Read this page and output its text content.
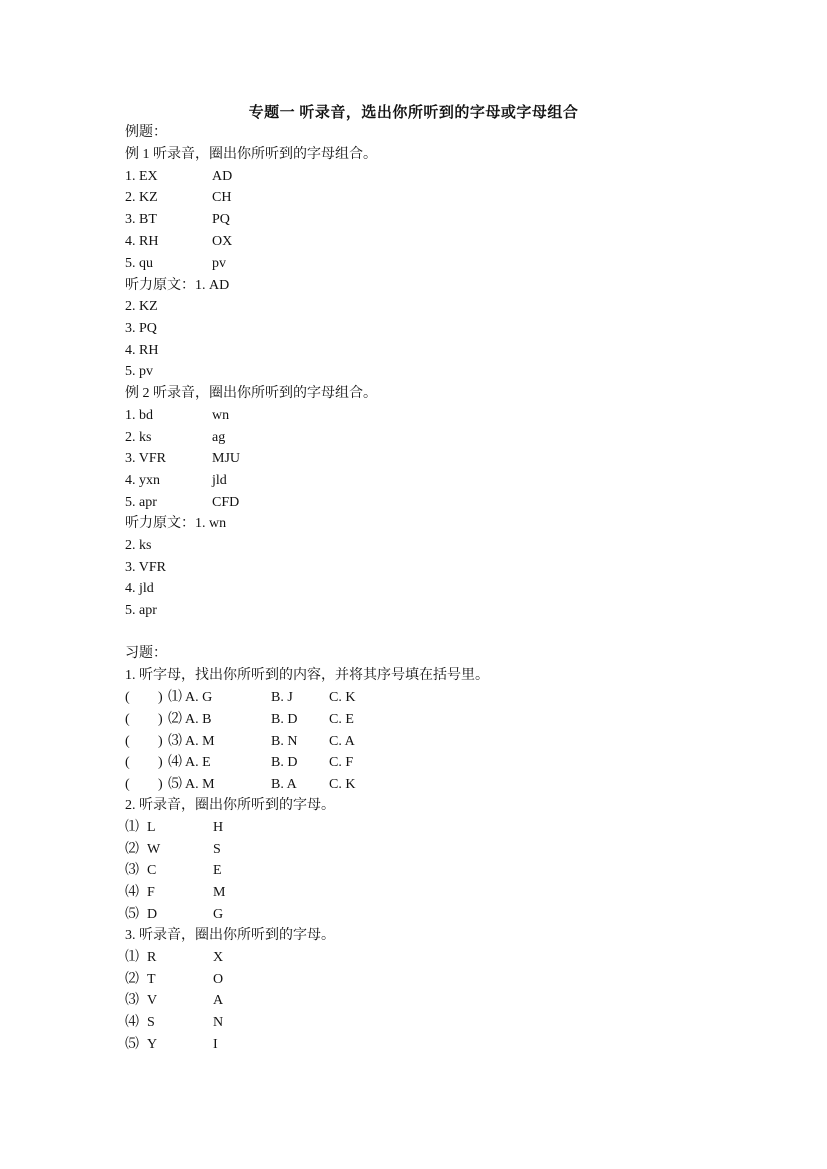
专题一 听录音，选出你所听到的字母或字母组合
例题：
例 1 听录音，圈出你所听到的字母组合。
1. EX	AD
2. KZ	CH
3. BT	PQ
4. RH	OX
5. qu	pv
听力原文：1. AD
2. KZ
3. PQ
4. RH
5. pv
例 2 听录音，圈出你所听到的字母组合。
1. bd	wn
2. ks	ag
3. VFR	MJU
4. yxn	jld
5. apr	CFD
听力原文：1. wn
2. ks
3. VFR
4. jld
5. apr
习题：
1. 听字母，找出你所听到的内容，并将其序号填在括号里。
( ) ⑴ A. G	B. J	C. K
( ) ⑵ A. B	B. D C. E
( ) ⑶ A. M	B. N C. A
( ) ⑷ A. E	B. D C. F
( ) ⑸ A. M	B. A C. K
2. 听录音，圈出你所听到的字母。
⑴ L	H
⑵ W	S
⑶ C	E
⑷ F	M
⑸ D	G
3. 听录音，圈出你所听到的字母。
⑴ R	X
⑵ T	O
⑶ V	A
⑷ S	N
⑸ Y	I
